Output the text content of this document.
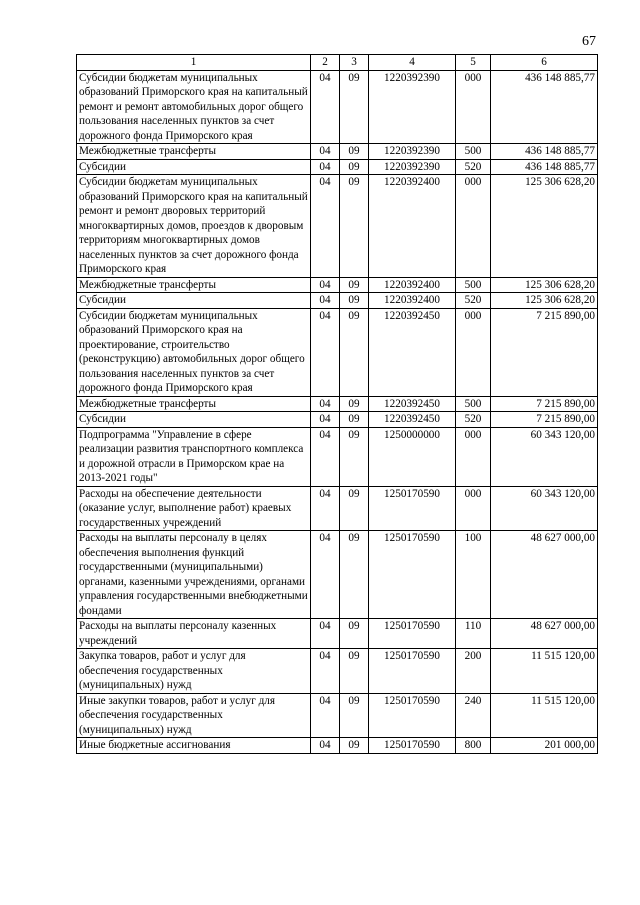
67
1	2	3	4	5	6
Субсидии бюджетам муниципальных образований Приморского края на капитальный ремонт и ремонт автомобильных дорог общего пользования населенных пунктов за счет дорожного фонда Приморского края	04	09	1220392390	000	436 148 885,77
Межбюджетные трансферты	04	09	1220392390	500	436 148 885,77
Субсидии	04	09	1220392390	520	436 148 885,77
Субсидии бюджетам муниципальных образований Приморского края на капитальный ремонт и ремонт дворовых территорий многоквартирных домов, проездов к дворовым территориям многоквартирных домов населенных пунктов за счет дорожного фонда Приморского края	04	09	1220392400	000	125 306 628,20
Межбюджетные трансферты	04	09	1220392400	500	125 306 628,20
Субсидии	04	09	1220392400	520	125 306 628,20
Субсидии бюджетам муниципальных образований Приморского края на проектирование, строительство (реконструкцию) автомобильных дорог общего пользования населенных пунктов за счет дорожного фонда Приморского края	04	09	1220392450	000	7 215 890,00
Межбюджетные трансферты	04	09	1220392450	500	7 215 890,00
Субсидии	04	09	1220392450	520	7 215 890,00
Подпрограмма "Управление в сфере реализации развития транспортного комплекса и дорожной отрасли в Приморском крае на 2013-2021 годы"	04	09	1250000000	000	60 343 120,00
Расходы на обеспечение деятельности (оказание услуг, выполнение работ) краевых государственных учреждений	04	09	1250170590	000	60 343 120,00
Расходы на выплаты персоналу в целях обеспечения выполнения функций государственными (муниципальными) органами, казенными учреждениями, органами управления государственными внебюджетными фондами	04	09	1250170590	100	48 627 000,00
Расходы на выплаты персоналу казенных учреждений	04	09	1250170590	110	48 627 000,00
Закупка товаров, работ и услуг для обеспечения государственных (муниципальных) нужд	04	09	1250170590	200	11 515 120,00
Иные закупки товаров, работ и услуг для обеспечения государственных (муниципальных) нужд	04	09	1250170590	240	11 515 120,00
Иные бюджетные ассигнования	04	09	1250170590	800	201 000,00
